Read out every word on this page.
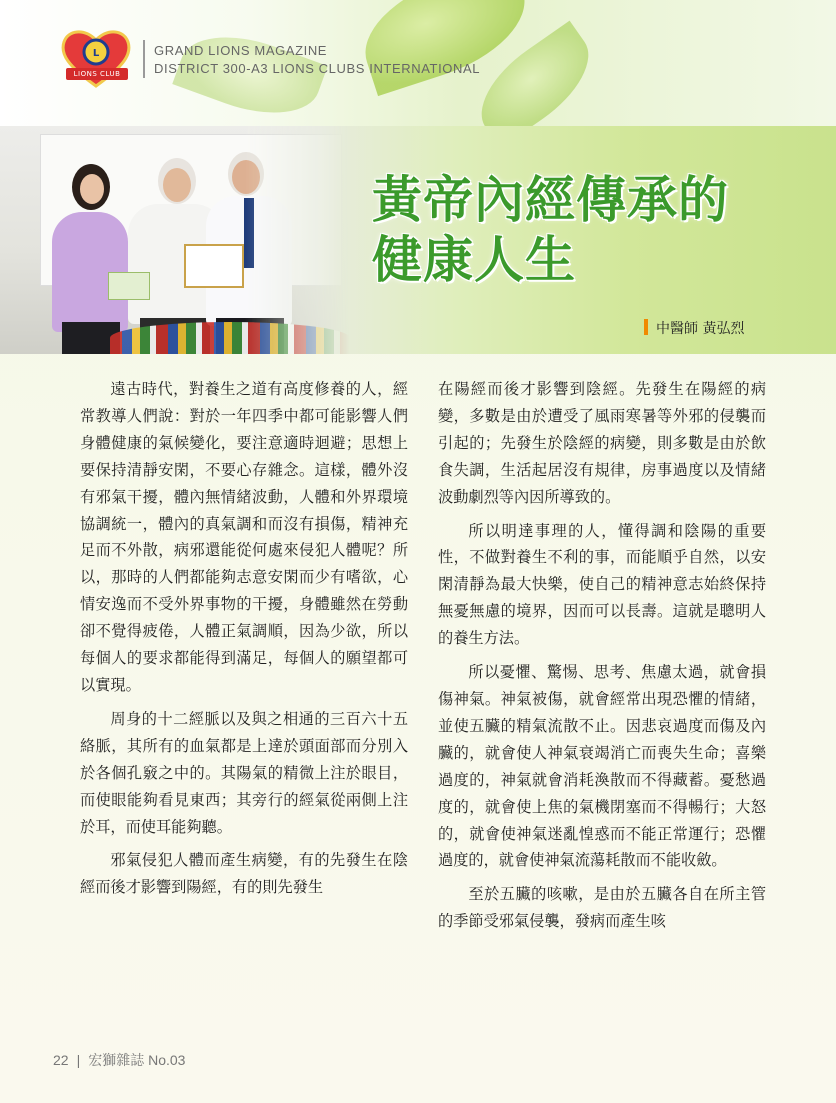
L
LIONS CLUB
GRAND LIONS MAGAZINE
DISTRICT 300-A3 LIONS CLUBS INTERNATIONAL
黃帝內經傳承的
健康人生
中醫師 黃弘烈

遠古時代，對養生之道有高度修養的人，經常教導人們說：對於一年四季中都可能影響人們身體健康的氣候變化，要注意適時迴避；思想上要保持清靜安閑，不要心存雜念。這樣，體外沒有邪氣干擾，體內無情緒波動，人體和外界環境協調統一，體內的真氣調和而沒有損傷，精神充足而不外散，病邪還能從何處來侵犯人體呢？所以，那時的人們都能夠志意安閑而少有嗜欲，心情安逸而不受外界事物的干擾，身體雖然在勞動卻不覺得疲倦，人體正氣調順，因為少欲，所以每個人的要求都能得到滿足，每個人的願望都可以實現。

周身的十二經脈以及與之相通的三百六十五絡脈，其所有的血氣都是上達於頭面部而分別入於各個孔竅之中的。其陽氣的精微上注於眼目，而使眼能夠看見東西；其旁行的經氣從兩側上注於耳，而使耳能夠聽。

邪氣侵犯人體而產生病變，有的先發生在陰經而後才影響到陽經，有的則先發生

在陽經而後才影響到陰經。先發生在陽經的病變，多數是由於遭受了風雨寒暑等外邪的侵襲而引起的；先發生於陰經的病變，則多數是由於飲食失調，生活起居沒有規律，房事過度以及情緒波動劇烈等內因所導致的。

所以明達事理的人，懂得調和陰陽的重要性，不做對養生不利的事，而能順乎自然，以安閑清靜為最大快樂，使自己的精神意志始終保持無憂無慮的境界，因而可以長壽。這就是聰明人的養生方法。

所以憂懼、驚惕、思考、焦慮太過，就會損傷神氣。神氣被傷，就會經常出現恐懼的情緒，並使五臟的精氣流散不止。因悲哀過度而傷及內臟的，就會使人神氣衰竭消亡而喪失生命；喜樂過度的，神氣就會消耗渙散而不得藏蓄。憂愁過度的，就會使上焦的氣機閉塞而不得暢行；大怒的，就會使神氣迷亂惶惑而不能正常運行；恐懼過度的，就會使神氣流蕩耗散而不能收斂。

至於五臟的咳嗽，是由於五臟各自在所主管的季節受邪氣侵襲，發病而產生咳

22 | 宏獅雜誌 No.03
